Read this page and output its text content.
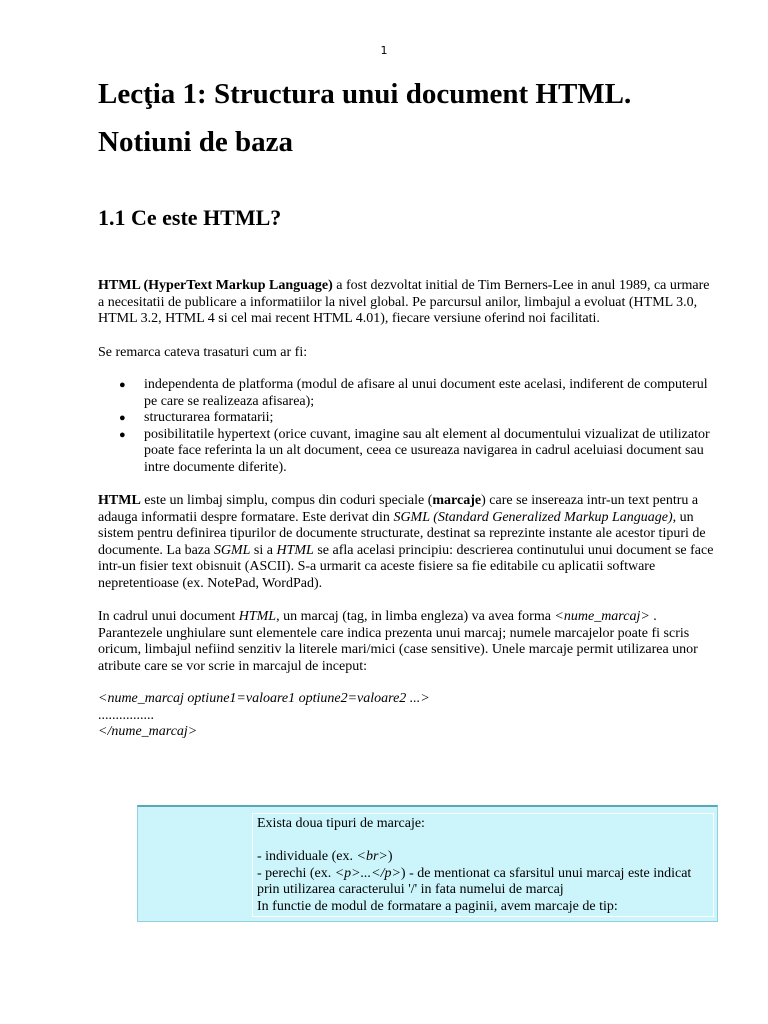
1
Lecţia 1: Structura unui document HTML. Notiuni de baza
1.1 Ce este HTML?

HTML (HyperText Markup Language) a fost dezvoltat initial de Tim Berners-Lee in anul 1989, ca urmare a necesitatii de publicare a informatiilor la nivel global. Pe parcursul anilor, limbajul a evoluat (HTML 3.0, HTML 3.2, HTML 4 si cel mai recent HTML 4.01), fiecare versiune oferind noi facilitati.

Se remarca cateva trasaturi cum ar fi:

● independenta de platforma (modul de afisare al unui document este acelasi, indiferent de computerul pe care se realizeaza afisarea);
● structurarea formatarii;
● posibilitatile hypertext (orice cuvant, imagine sau alt element al documentului vizualizat de utilizator poate face referinta la un alt document, ceea ce usureaza navigarea in cadrul aceluiasi document sau intre documente diferite).

HTML este un limbaj simplu, compus din coduri speciale (marcaje) care se insereaza intr-un text pentru a adauga informatii despre formatare. Este derivat din SGML (Standard Generalized Markup Language), un sistem pentru definirea tipurilor de documente structurate, destinat sa reprezinte instante ale acestor tipuri de documente. La baza SGML si a HTML se afla acelasi principiu: descrierea continutului unui document se face intr-un fisier text obisnuit (ASCII). S-a urmarit ca aceste fisiere sa fie editabile cu aplicatii software nepretentioase (ex. NotePad, WordPad).

In cadrul unui document HTML, un marcaj (tag, in limba engleza) va avea forma <nume_marcaj> . Parantezele unghiulare sunt elementele care indica prezenta unui marcaj; numele marcajelor poate fi scris oricum, limbajul nefiind senzitiv la literele mari/mici (case sensitive). Unele marcaje permit utilizarea unor atribute care se vor scrie in marcajul de inceput:

<nume_marcaj optiune1=valoare1 optiune2=valoare2 ...>
................
</nume_marcaj>
Exista doua tipuri de marcaje:
- individuale (ex. <br>)
- perechi (ex. <p>...</p>) - de mentionat ca sfarsitul unui marcaj este indicat prin utilizarea caracterului '/' in fata numelui de marcaj
In functie de modul de formatare a paginii, avem marcaje de tip:
